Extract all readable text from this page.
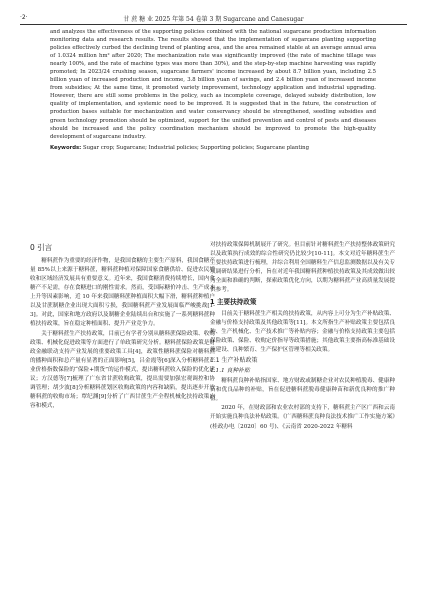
·2·	甘 蔗 糖 业 2025 年第 54 卷第 3 期 Sugarcane and Canesugar

and analyzes the effectiveness of the supporting policies combined with the national sugarcane production information monitoring data and research results. The results showed that the implementation of sugarcane planting supporting policies effectively curbed the declining trend of planting area, and the area remained stable at an average annual area of 1.0324 million hm² after 2020; The mechanization rate was significantly improved (the rate of machine tillage was nearly 100%, and the rate of machine types was more than 30%), and the step-by-step machine harvesting was rapidly promoted; In 2023/24 crushing season, sugarcane farmers' income increased by about 8.7 billion yuan, including 2.5 billion yuan of increased production and income, 3.8 billion yuan of savings, and 2.4 billion yuan of increased income from subsidies; At the same time, it promoted variety improvement, technology application and industrial upgrading. However, there are still some problems in the policy, such as incomplete coverage, delayed subsidy distribution, low quality of implementation, and systemic need to be improved. It is suggested that in the future, the construction of production bases suitable for mechanization and water conservancy should be strengthened, seedling subsidies and green technology promotion should be optimized, support for the unified prevention and control of pests and diseases should be increased and the policy coordination mechanism should be improved to promote the high-quality development of sugarcane industry.

Keywords: Sugar crop; Sugarcane; Industrial policies; Supporting policies; Sugarcane planting

0 引言

糖料蔗作为重要的经济作物，是我国食糖的主要生产原料，我国食糖产量 85%以上来源于糖料蔗，糖料蔗种植对保障国家食糖供给、促进农民增收和区域经济发展具有重要意义。近年来，我国食糖消费持续增长，国内食糖产不足需，存在食糖进口的刚性需求。然而，受国际糖价冲击、生产成本上升等因素影响，近 10 年来我国糖料蔗种植面积大幅下滑，糖料蔗种植户以及甘蔗制糖企业出现大面积亏损，我国糖料蔗产业发展面临严峻挑战[1-3]。对此，国家和地方政府以及制糖企业陆续出台和实施了一系列糖料蔗种植扶持政策，旨在稳定种植面积、提升产业竞争力。

关于糖料蔗生产扶持政策，目前已有学者分别从糖料蔗保险政策、收购政策、机械化促进政策等方面进行了单政策研究分析。糖料蔗保险政策是财政金融联动支持产业发展的重要政策工具[4]，政策性糖料蔗保险对糖料蔗的播种面积和总产量有显著的正面影响[5]，吕金霞等[6]深入分析糖料蔗产业价格指数保险的“保险+期货”的运作模式，提出糖料蔗收入保险的优化建议；方汉德等[7]梳理了广东省甘蔗收购政策，提出需要加强宏观调控和协调管理；胡少波[8]分析糖料蔗划区收购政策的内容和缺陷，提出逐步开放糖料蔗的收购市场；覃纪渊[9]分析了广西甘蔗生产全程机械化扶持政策内容和模式，

对扶持政策保障机制展开了研究。但目前针对糖料蔗生产扶持整体政策研究以及政策执行成效的综合性研究仍比较少[10-11]。本文对近年糖料蔗生产主要扶持政策进行梳理，并综合利用全国糖料生产信息监测数据以及有关专项调研结果进行分析，旨在对近年我国糖料蔗种植扶持政策及其成效做出较为全面和准确的判断，探索政策优化方向，以期为糖料蔗产业高质量发展提供参考。

1 主要扶持政策

目前关于糖料蔗生产相关的扶持政策，从内容上可分为生产补贴政策、金融与价格支持政策及其他政策等[11]。本文所指生产补贴政策主要包括良种、生产机械化、生产技术推广等补贴内容；金融与价格支持政策主要包括保险政策、保险、收购定价指导等政策措施；其他政策主要指高标准基础设施建设、良种繁育、生产保护区管理等相关政策。

1.1 生产补贴政策
1.1.1 良种补贴

糖料蔗良种补贴指国家、地方财政或制糖企业对农民种植脱毒、健康种苗和优良品种的补贴，旨在促进糖料蔗脱毒健康种苗和新优良种的推广种植。

2020 年，在财政部和农业农村部的支持下，糖料蔗主产区广西和云南开始实施良种良法补贴政策。《广西糖料蔗良种良法技术推广工作实施方案》(桂政办电〔2020〕60 号)、《云南省 2020-2022 年糖料
